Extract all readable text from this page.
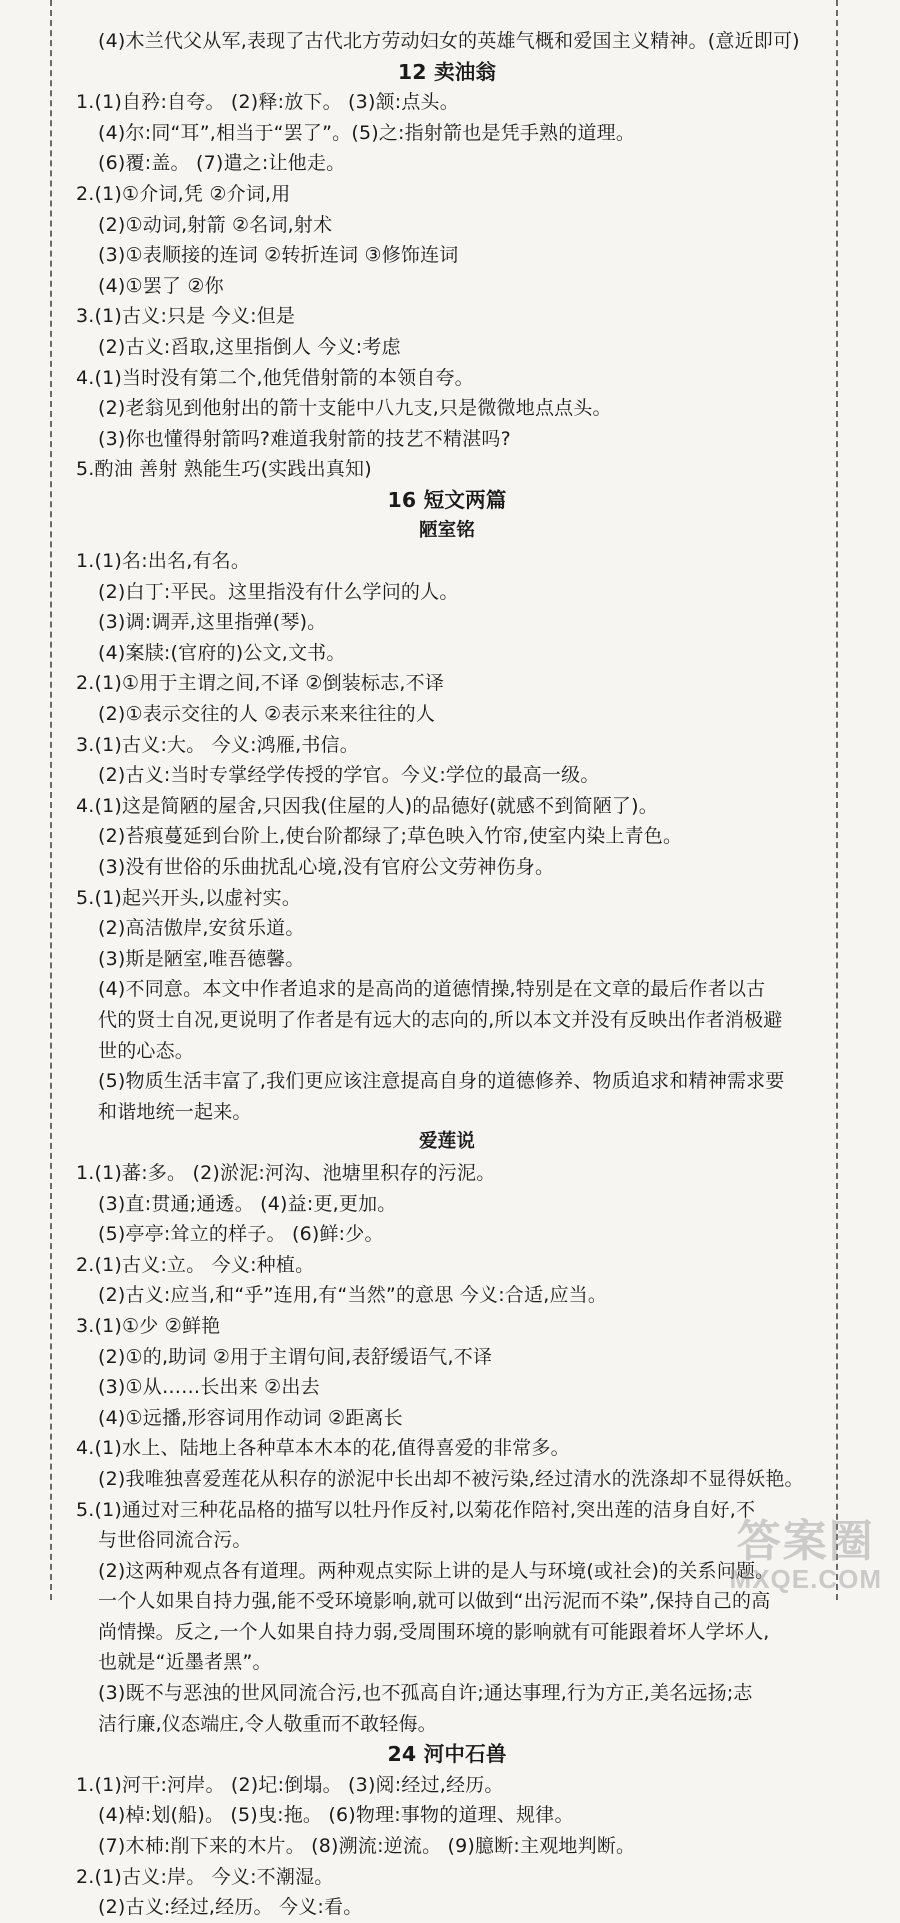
(4)木兰代父从军,表现了古代北方劳动妇女的英雄气概和爱国主义精神。(意近即可)
12 卖油翁
1.(1)自矜:自夸。 (2)释:放下。 (3)颔:点头。
(4)尔:同“耳”,相当于“罢了”。(5)之:指射箭也是凭手熟的道理。
(6)覆:盖。 (7)遣之:让他走。
2.(1)①介词,凭 ②介词,用
(2)①动词,射箭 ②名词,射术
(3)①表顺接的连词 ②转折连词 ③修饰连词
(4)①罢了 ②你
3.(1)古义:只是 今义:但是
(2)古义:舀取,这里指倒人 今义:考虑
4.(1)当时没有第二个,他凭借射箭的本领自夸。
(2)老翁见到他射出的箭十支能中八九支,只是微微地点点头。
(3)你也懂得射箭吗?难道我射箭的技艺不精湛吗?
5.酌油 善射 熟能生巧(实践出真知)
16 短文两篇
陋室铭
1.(1)名:出名,有名。
(2)白丁:平民。这里指没有什么学问的人。
(3)调:调弄,这里指弹(琴)。
(4)案牍:(官府的)公文,文书。
2.(1)①用于主谓之间,不译 ②倒装标志,不译
(2)①表示交往的人 ②表示来来往往的人
3.(1)古义:大。 今义:鸿雁,书信。
(2)古义:当时专掌经学传授的学官。今义:学位的最高一级。
4.(1)这是简陋的屋舍,只因我(住屋的人)的品德好(就感不到简陋了)。
(2)苔痕蔓延到台阶上,使台阶都绿了;草色映入竹帘,使室内染上青色。
(3)没有世俗的乐曲扰乱心境,没有官府公文劳神伤身。
5.(1)起兴开头,以虚衬实。
(2)高洁傲岸,安贫乐道。
(3)斯是陋室,唯吾德馨。
(4)不同意。本文中作者追求的是高尚的道德情操,特别是在文章的最后作者以古
代的贤士自况,更说明了作者是有远大的志向的,所以本文并没有反映出作者消极避
世的心态。
(5)物质生活丰富了,我们更应该注意提高自身的道德修养、物质追求和精神需求要
和谐地统一起来。
爱莲说
1.(1)蕃:多。 (2)淤泥:河沟、池塘里积存的污泥。
(3)直:贯通;通透。 (4)益:更,更加。
(5)亭亭:耸立的样子。 (6)鲜:少。
2.(1)古义:立。 今义:种植。
(2)古义:应当,和“乎”连用,有“当然”的意思 今义:合适,应当。
3.(1)①少 ②鲜艳
(2)①的,助词 ②用于主谓句间,表舒缓语气,不译
(3)①从……长出来 ②出去
(4)①远播,形容词用作动词 ②距离长
4.(1)水上、陆地上各种草本木本的花,值得喜爱的非常多。
(2)我唯独喜爱莲花从积存的淤泥中长出却不被污染,经过清水的洗涤却不显得妖艳。
5.(1)通过对三种花品格的描写以牡丹作反衬,以菊花作陪衬,突出莲的洁身自好,不
与世俗同流合污。
(2)这两种观点各有道理。两种观点实际上讲的是人与环境(或社会)的关系问题。
一个人如果自持力强,能不受环境影响,就可以做到“出污泥而不染”,保持自己的高
尚情操。反之,一个人如果自持力弱,受周围环境的影响就有可能跟着坏人学坏人,
也就是“近墨者黑”。
(3)既不与恶浊的世风同流合污,也不孤高自许;通达事理,行为方正,美名远扬;志
洁行廉,仪态端庄,令人敬重而不敢轻侮。
24 河中石兽
1.(1)河干:河岸。 (2)圮:倒塌。 (3)阅:经过,经历。
(4)棹:划(船)。 (5)曳:拖。 (6)物理:事物的道理、规律。
(7)木杮:削下来的木片。 (8)溯流:逆流。 (9)臆断:主观地判断。
2.(1)古义:岸。 今义:不潮湿。
(2)古义:经过,经历。 今义:看。
答案圈
MXQE.COM
